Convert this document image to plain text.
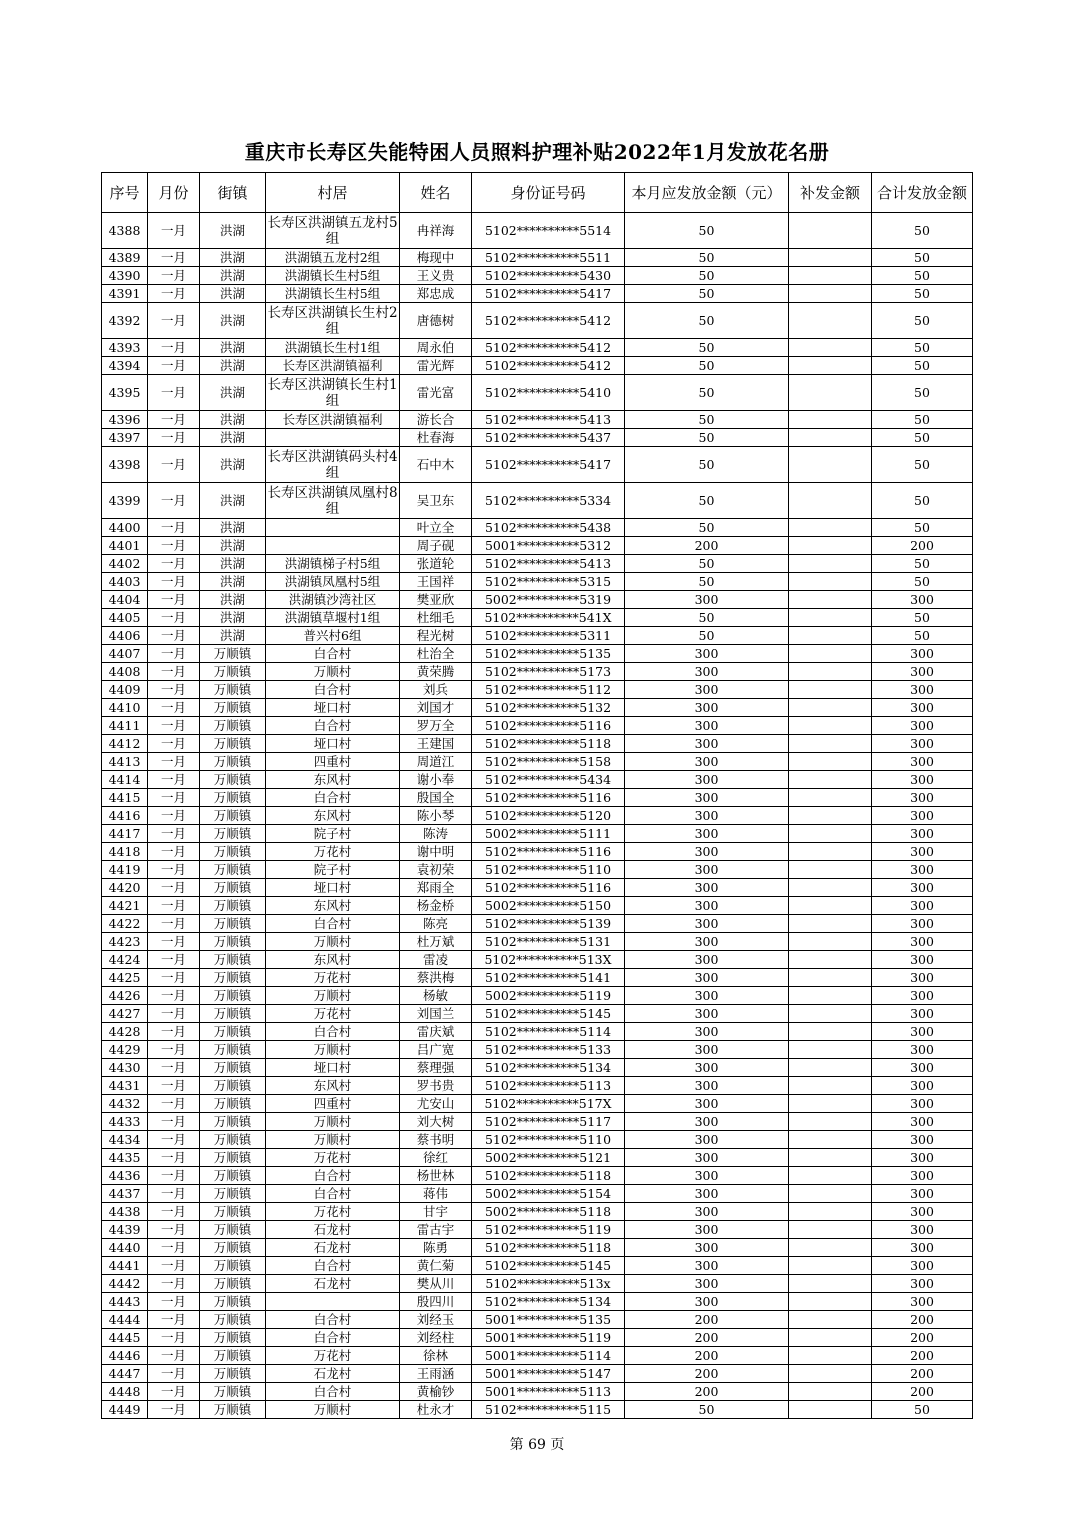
重庆市长寿区失能特困人员照料护理补贴2022年1月发放花名册
序号	月份	街镇	村居	姓名	身份证号码	本月应发放金额（元）	补发金额	合计发放金额
4388	一月	洪湖	长寿区洪湖镇五龙村5组	冉祥海	5102**********5514	50		50
4389	一月	洪湖	洪湖镇五龙村2组	梅现中	5102**********5511	50		50
4390	一月	洪湖	洪湖镇长生村5组	王义贵	5102**********5430	50		50
4391	一月	洪湖	洪湖镇长生村5组	郑忠成	5102**********5417	50		50
4392	一月	洪湖	长寿区洪湖镇长生村2组	唐德树	5102**********5412	50		50
4393	一月	洪湖	洪湖镇长生村1组	周永伯	5102**********5412	50		50
4394	一月	洪湖	长寿区洪湖镇福利	雷光辉	5102**********5412	50		50
4395	一月	洪湖	长寿区洪湖镇长生村1组	雷光富	5102**********5410	50		50
4396	一月	洪湖	长寿区洪湖镇福利	游长合	5102**********5413	50		50
4397	一月	洪湖		杜春海	5102**********5437	50		50
4398	一月	洪湖	长寿区洪湖镇码头村4组	石中木	5102**********5417	50		50
4399	一月	洪湖	长寿区洪湖镇凤凰村8组	吴卫东	5102**********5334	50		50
4400	一月	洪湖		叶立全	5102**********5438	50		50
4401	一月	洪湖		周子砚	5001**********5312	200		200
4402	一月	洪湖	洪湖镇梯子村5组	张道轮	5102**********5413	50		50
4403	一月	洪湖	洪湖镇凤凰村5组	王国祥	5102**********5315	50		50
4404	一月	洪湖	洪湖镇沙湾社区	樊亚欣	5002**********5319	300		300
4405	一月	洪湖	洪湖镇草堰村1组	杜细毛	5102**********541X	50		50
4406	一月	洪湖	普兴村6组	程光树	5102**********5311	50		50
4407	一月	万顺镇	白合村	杜治全	5102**********5135	300		300
4408	一月	万顺镇	万顺村	黄荣腾	5102**********5173	300		300
4409	一月	万顺镇	白合村	刘兵	5102**********5112	300		300
4410	一月	万顺镇	垭口村	刘国才	5102**********5132	300		300
4411	一月	万顺镇	白合村	罗万全	5102**********5116	300		300
4412	一月	万顺镇	垭口村	王建国	5102**********5118	300		300
4413	一月	万顺镇	四重村	周道江	5102**********5158	300		300
4414	一月	万顺镇	东风村	谢小奉	5102**********5434	300		300
4415	一月	万顺镇	白合村	殷国全	5102**********5116	300		300
4416	一月	万顺镇	东风村	陈小琴	5102**********5120	300		300
4417	一月	万顺镇	院子村	陈涛	5002**********5111	300		300
4418	一月	万顺镇	万花村	谢中明	5102**********5116	300		300
4419	一月	万顺镇	院子村	袁初荣	5102**********5110	300		300
4420	一月	万顺镇	垭口村	郑雨全	5102**********5116	300		300
4421	一月	万顺镇	东风村	杨金桥	5002**********5150	300		300
4422	一月	万顺镇	白合村	陈亮	5102**********5139	300		300
4423	一月	万顺镇	万顺村	杜万斌	5102**********5131	300		300
4424	一月	万顺镇	东风村	雷凌	5102**********513X	300		300
4425	一月	万顺镇	万花村	蔡洪梅	5102**********5141	300		300
4426	一月	万顺镇	万顺村	杨敏	5002**********5119	300		300
4427	一月	万顺镇	万花村	刘国兰	5102**********5145	300		300
4428	一月	万顺镇	白合村	雷庆斌	5102**********5114	300		300
4429	一月	万顺镇	万顺村	吕广宽	5102**********5133	300		300
4430	一月	万顺镇	垭口村	蔡理强	5102**********5134	300		300
4431	一月	万顺镇	东风村	罗书贵	5102**********5113	300		300
4432	一月	万顺镇	四重村	尤安山	5102**********517X	300		300
4433	一月	万顺镇	万顺村	刘大树	5102**********5117	300		300
4434	一月	万顺镇	万顺村	蔡书明	5102**********5110	300		300
4435	一月	万顺镇	万花村	徐红	5002**********5121	300		300
4436	一月	万顺镇	白合村	杨世林	5102**********5118	300		300
4437	一月	万顺镇	白合村	蒋伟	5002**********5154	300		300
4438	一月	万顺镇	万花村	甘宇	5002**********5118	300		300
4439	一月	万顺镇	石龙村	雷古宇	5102**********5119	300		300
4440	一月	万顺镇	石龙村	陈勇	5102**********5118	300		300
4441	一月	万顺镇	白合村	黄仁菊	5102**********5145	300		300
4442	一月	万顺镇	石龙村	樊从川	5102**********513x	300		300
4443	一月	万顺镇		殷四川	5102**********5134	300		300
4444	一月	万顺镇	白合村	刘经玉	5001**********5135	200		200
4445	一月	万顺镇	白合村	刘经柱	5001**********5119	200		200
4446	一月	万顺镇	万花村	徐林	5001**********5114	200		200
4447	一月	万顺镇	石龙村	王雨涵	5001**********5147	200		200
4448	一月	万顺镇	白合村	黄榆钞	5001**********5113	200		200
4449	一月	万顺镇	万顺村	杜永才	5102**********5115	50		50
第 69 页
